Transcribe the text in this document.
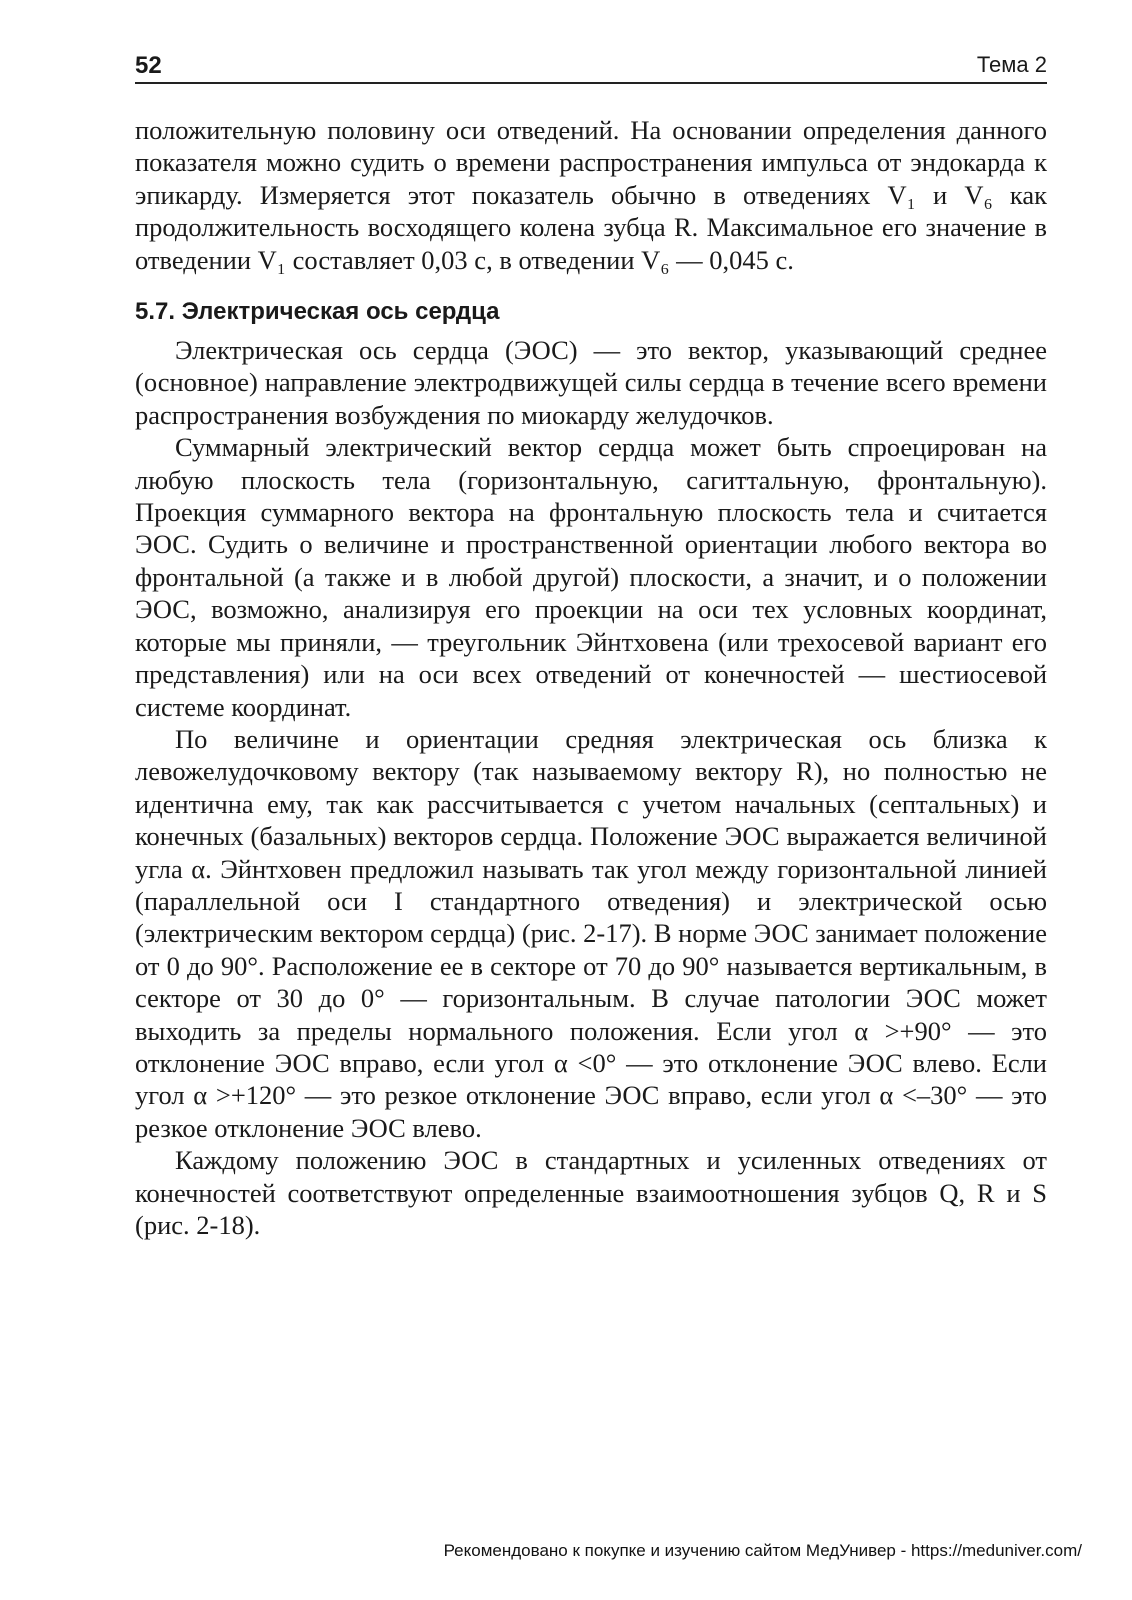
52	Тема 2

положительную половину оси отведений. На основании определения данного показателя можно судить о времени распространения импульса от эндокарда к эпикарду. Измеряется этот показатель обычно в отведениях V₁ и V₆ как продолжительность восходящего колена зубца R. Максимальное его значение в отведении V₁ составляет 0,03 с, в отведении V₆ — 0,045 с.

5.7. Электрическая ось сердца

Электрическая ось сердца (ЭОС) — это вектор, указывающий среднее (основное) направление электродвижущей силы сердца в течение всего времени распространения возбуждения по миокарду желудочков.

Суммарный электрический вектор сердца может быть спроецирован на любую плоскость тела (горизонтальную, сагиттальную, фронтальную). Проекция суммарного вектора на фронтальную плоскость тела и считается ЭОС. Судить о величине и пространственной ориентации любого вектора во фронтальной (а также и в любой другой) плоскости, а значит, и о положении ЭОС, возможно, анализируя его проекции на оси тех условных координат, которые мы приняли, — треугольник Эйнтховена (или трехосевой вариант его представления) или на оси всех отведений от конечностей — шестиосевой системе координат.

По величине и ориентации средняя электрическая ось близка к левожелудочковому вектору (так называемому вектору R), но полностью не идентична ему, так как рассчитывается с учетом начальных (септальных) и конечных (базальных) векторов сердца. Положение ЭОС выражается величиной угла α. Эйнтховен предложил называть так угол между горизонтальной линией (параллельной оси I стандартного отведения) и электрической осью (электрическим вектором сердца) (рис. 2-17). В норме ЭОС занимает положение от 0 до 90°. Расположение ее в секторе от 70 до 90° называется вертикальным, в секторе от 30 до 0° — горизонтальным. В случае патологии ЭОС может выходить за пределы нормального положения. Если угол α >+90° — это отклонение ЭОС вправо, если угол α <0° — это отклонение ЭОС влево. Если угол α >+120° — это резкое отклонение ЭОС вправо, если угол α <–30° — это резкое отклонение ЭОС влево.

Каждому положению ЭОС в стандартных и усиленных отведениях от конечностей соответствуют определенные взаимоотношения зубцов Q, R и S (рис. 2-18).

Рекомендовано к покупке и изучению сайтом МедУнивер - https://meduniver.com/
